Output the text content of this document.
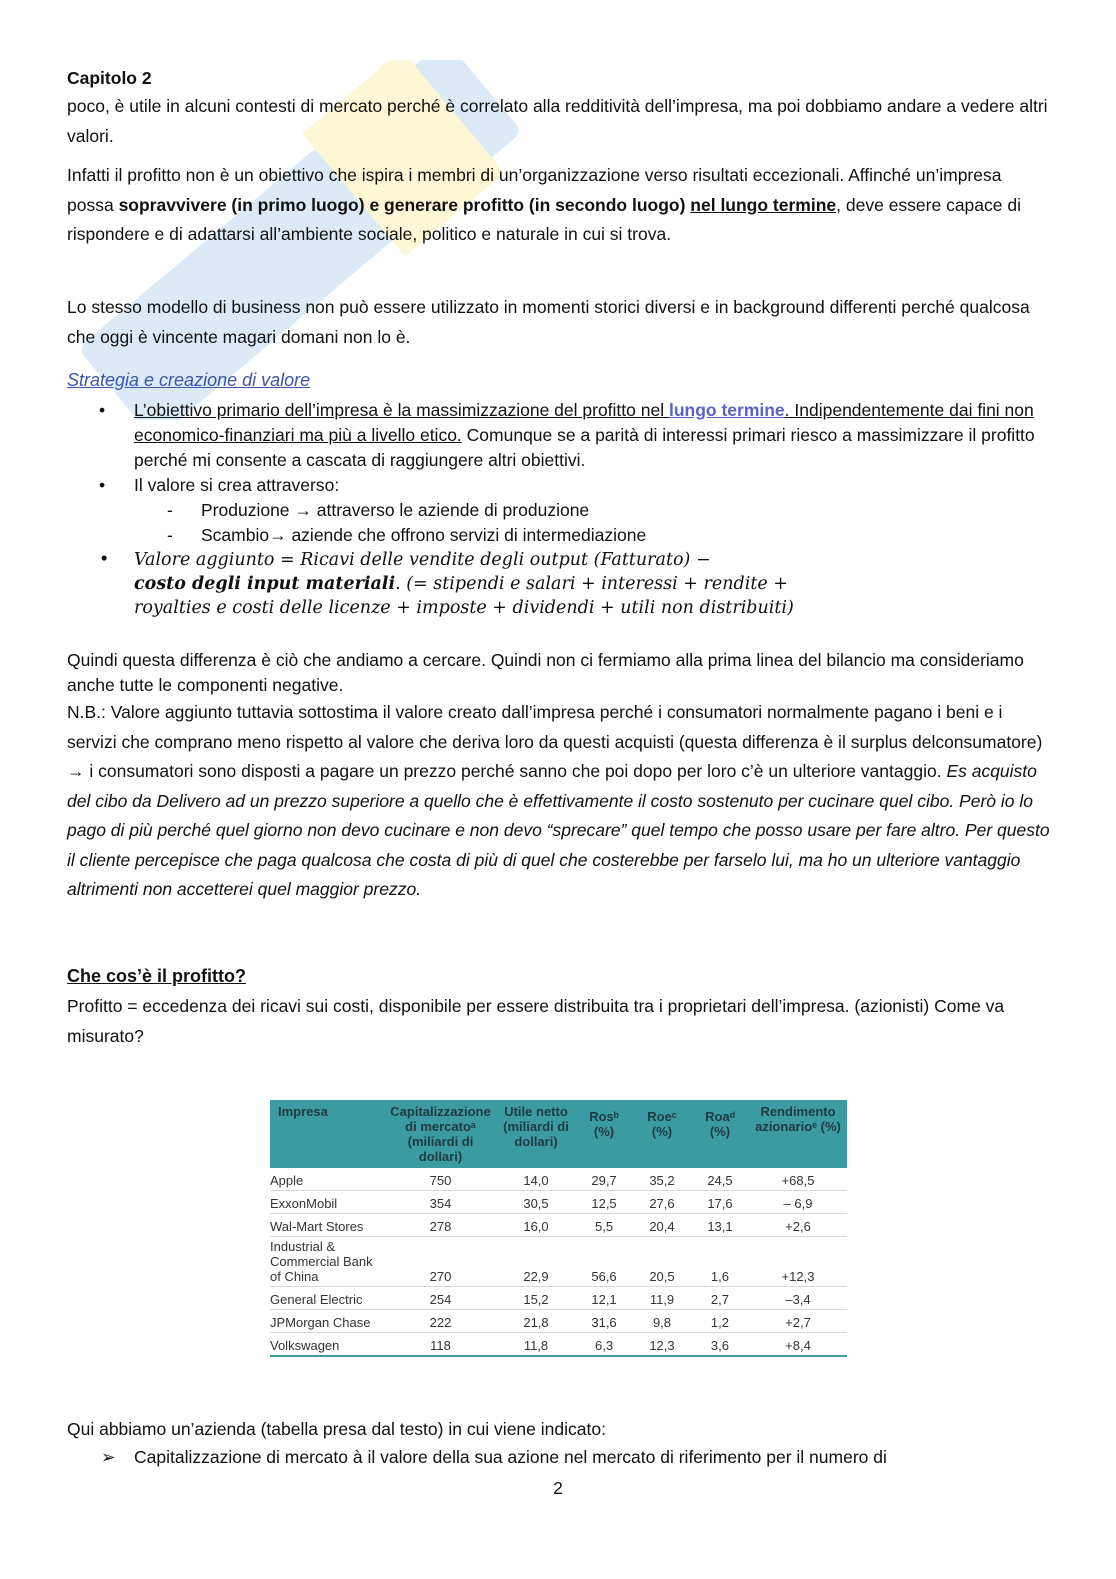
Capitolo 2
poco, è utile in alcuni contesti di mercato perché è correlato alla redditività dell’impresa, ma poi dobbiamo andare a vedere altri valori.
Infatti il profitto non è un obiettivo che ispira i membri di un’organizzazione verso risultati eccezionali. Affinché un’impresa possa sopravvivere (in primo luogo) e generare profitto (in secondo luogo) nel lungo termine, deve essere capace di rispondere e di adattarsi all’ambiente sociale, politico e naturale in cui si trova.
Lo stesso modello di business non può essere utilizzato in momenti storici diversi e in background differenti perché qualcosa che oggi è vincente magari domani non lo è.
Strategia e creazione di valore
• L’obiettivo primario dell’impresa è la massimizzazione del profitto nel lungo termine. Indipendentemente dai fini non economico-finanziari ma più a livello etico. Comunque se a parità di interessi primari riesco a massimizzare il profitto perché mi consente a cascata di raggiungere altri obiettivi.
• Il valore si crea attraverso:
- Produzione → attraverso le aziende di produzione
- Scambio→ aziende che offrono servizi di intermediazione
• Valore aggiunto = Ricavi delle vendite degli output (Fatturato) −
costo degli input materiali. (= stipendi e salari + interessi + rendite +
royalties e costi delle licenze + imposte + dividendi + utili non distribuiti)
Quindi questa differenza è ciò che andiamo a cercare. Quindi non ci fermiamo alla prima linea del bilancio ma consideriamo anche tutte le componenti negative.
N.B.: Valore aggiunto tuttavia sottostima il valore creato dall’impresa perché i consumatori normalmente pagano i beni e i servizi che comprano meno rispetto al valore che deriva loro da questi acquisti (questa differenza è il surplus delconsumatore) → i consumatori sono disposti a pagare un prezzo perché sanno che poi dopo per loro c’è un ulteriore vantaggio. Es acquisto del cibo da Delivero ad un prezzo superiore a quello che è effettivamente il costo sostenuto per cucinare quel cibo. Però io lo pago di più perché quel giorno non devo cucinare e non devo “sprecare” quel tempo che posso usare per fare altro. Per questo il cliente percepisce che paga qualcosa che costa di più di quel che costerebbe per farselo lui, ma ho un ulteriore vantaggio altrimenti non accetterei quel maggior prezzo.
Che cos’è il profitto?
Profitto = eccedenza dei ricavi sui costi, disponibile per essere distribuita tra i proprietari dell’impresa. (azionisti) Come va misurato?
Impresa	Capitalizzazione di mercatoᵃ (miliardi di dollari)	Utile netto (miliardi di dollari)	Rosᵇ (%)	Roeᶜ (%)	Roaᵈ (%)	Rendimento azionarioᵉ (%)
Apple	750	14,0	29,7	35,2	24,5	+68,5
ExxonMobil	354	30,5	12,5	27,6	17,6	– 6,9
Wal-Mart Stores	278	16,0	5,5	20,4	13,1	+2,6
Industrial & Commercial Bank of China	270	22,9	56,6	20,5	1,6	+12,3
General Electric	254	15,2	12,1	11,9	2,7	–3,4
JPMorgan Chase	222	21,8	31,6	9,8	1,2	+2,7
Volkswagen	118	11,8	6,3	12,3	3,6	+8,4
Qui abbiamo un’azienda (tabella presa dal testo) in cui viene indicato:
➢ Capitalizzazione di mercato à il valore della sua azione nel mercato di riferimento per il numero di
2
